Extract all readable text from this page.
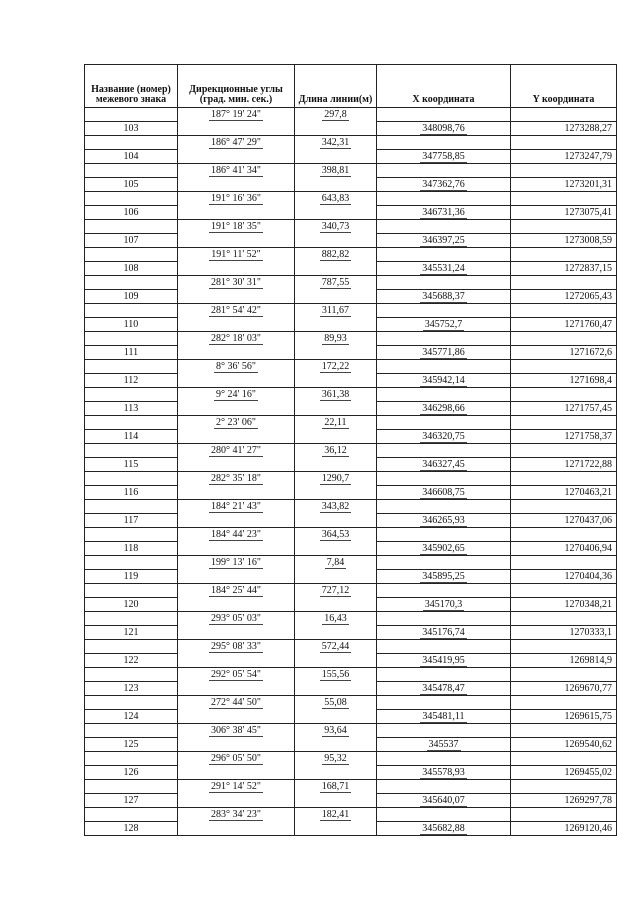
Название (номер) межевого знака	Дирекционные углы (град. мин. сек.)	Длина линии(м)	Х координата	Y координата
	187° 19' 24"	297,8		
103			348098,76	1273288,27
	186° 47' 29"	342,31		
104			347758,85	1273247,79
	186° 41' 34"	398,81		
105			347362,76	1273201,31
	191° 16' 36"	643,83		
106			346731,36	1273075,41
	191° 18' 35"	340,73		
107			346397,25	1273008,59
	191° 11' 52"	882,82		
108			345531,24	1272837,15
	281° 30' 31"	787,55		
109			345688,37	1272065,43
	281° 54' 42"	311,67		
110			345752,7	1271760,47
	282° 18' 03"	89,93		
111			345771,86	1271672,6
	8° 36' 56"	172,22		
112			345942,14	1271698,4
	9° 24' 16"	361,38		
113			346298,66	1271757,45
	2° 23' 06"	22,11		
114			346320,75	1271758,37
	280° 41' 27"	36,12		
115			346327,45	1271722,88
	282° 35' 18"	1290,7		
116			346608,75	1270463,21
	184° 21' 43"	343,82		
117			346265,93	1270437,06
	184° 44' 23"	364,53		
118			345902,65	1270406,94
	199° 13' 16"	7,84		
119			345895,25	1270404,36
	184° 25' 44"	727,12		
120			345170,3	1270348,21
	293° 05' 03"	16,43		
121			345176,74	1270333,1
	295° 08' 33"	572,44		
122			345419,95	1269814,9
	292° 05' 54"	155,56		
123			345478,47	1269670,77
	272° 44' 50"	55,08		
124			345481,11	1269615,75
	306° 38' 45"	93,64		
125			345537	1269540,62
	296° 05' 50"	95,32		
126			345578,93	1269455,02
	291° 14' 52"	168,71		
127			345640,07	1269297,78
	283° 34' 23"	182,41		
128			345682,88	1269120,46
